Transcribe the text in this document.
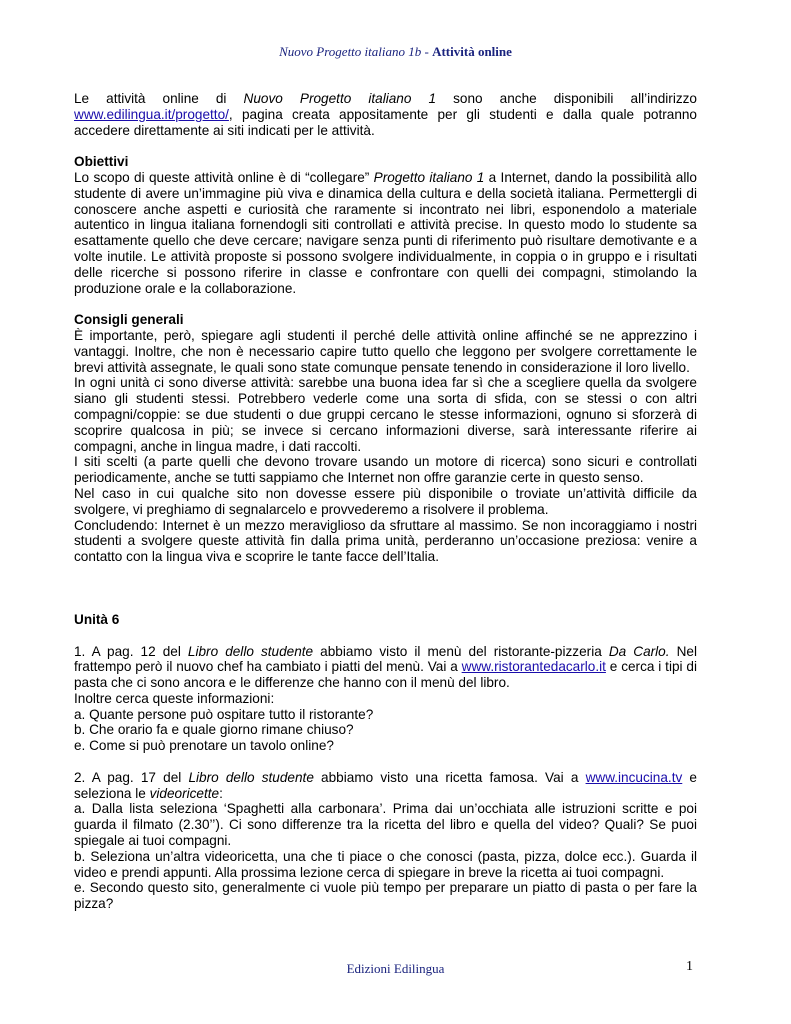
Nuovo Progetto italiano 1b - Attività online

Le attività online di Nuovo Progetto italiano 1 sono anche disponibili all’indirizzo www.edilingua.it/progetto/, pagina creata appositamente per gli studenti e dalla quale potranno accedere direttamente ai siti indicati per le attività.

Obiettivi

Lo scopo di queste attività online è di “collegare” Progetto italiano 1 a Internet, dando la possibilità allo studente di avere un’immagine più viva e dinamica della cultura e della società italiana. Permettergli di conoscere anche aspetti e curiosità che raramente si incontrato nei libri, esponendolo a materiale autentico in lingua italiana fornendogli siti controllati e attività precise. In questo modo lo studente sa esattamente quello che deve cercare; navigare senza punti di riferimento può risultare demotivante e a volte inutile. Le attività proposte si possono svolgere individualmente, in coppia o in gruppo e i risultati delle ricerche si possono riferire in classe e confrontare con quelli dei compagni, stimolando la produzione orale e la collaborazione.

Consigli generali

È importante, però, spiegare agli studenti il perché delle attività online affinché se ne apprezzino i vantaggi. Inoltre, che non è necessario capire tutto quello che leggono per svolgere correttamente le brevi attività assegnate, le quali sono state comunque pensate tenendo in considerazione il loro livello.

In ogni unità ci sono diverse attività: sarebbe una buona idea far sì che a scegliere quella da svolgere siano gli studenti stessi. Potrebbero vederle come una sorta di sfida, con se stessi o con altri compagni/coppie: se due studenti o due gruppi cercano le stesse informazioni, ognuno si sforzerà di scoprire qualcosa in più; se invece si cercano informazioni diverse, sarà interessante riferire ai compagni, anche in lingua madre, i dati raccolti.

I siti scelti (a parte quelli che devono trovare usando un motore di ricerca) sono sicuri e controllati periodicamente, anche se tutti sappiamo che Internet non offre garanzie certe in questo senso.

Nel caso in cui qualche sito non dovesse essere più disponibile o troviate un’attività difficile da svolgere, vi preghiamo di segnalarcelo e provvederemo a risolvere il problema.

Concludendo: Internet è un mezzo meraviglioso da sfruttare al massimo. Se non incoraggiamo i nostri studenti a svolgere queste attività fin dalla prima unità, perderanno un’occasione preziosa: venire a contatto con la lingua viva e scoprire le tante facce dell’Italia.

Unità 6

1. A pag. 12 del Libro dello studente abbiamo visto il menù del ristorante-pizzeria Da Carlo. Nel frattempo però il nuovo chef ha cambiato i piatti del menù. Vai a www.ristorantedacarlo.it e cerca i tipi di pasta che ci sono ancora e le differenze che hanno con il menù del libro.

Inoltre cerca queste informazioni:

a. Quante persone può ospitare tutto il ristorante?

b. Che orario fa e quale giorno rimane chiuso?

e. Come si può prenotare un tavolo online?

2. A pag. 17 del Libro dello studente abbiamo visto una ricetta famosa. Vai a www.incucina.tv e seleziona le videoricette:

a. Dalla lista seleziona ‘Spaghetti alla carbonara’. Prima dai un’occhiata alle istruzioni scritte e poi guarda il filmato (2.30’’). Ci sono differenze tra la ricetta del libro e quella del video? Quali? Se puoi spiegale ai tuoi compagni.

b. Seleziona un’altra videoricetta, una che ti piace o che conosci (pasta, pizza, dolce ecc.). Guarda il video e prendi appunti. Alla prossima lezione cerca di spiegare in breve la ricetta ai tuoi compagni.

e. Secondo questo sito, generalmente ci vuole più tempo per preparare un piatto di pasta o per fare la pizza?

Edizioni Edilingua	1
